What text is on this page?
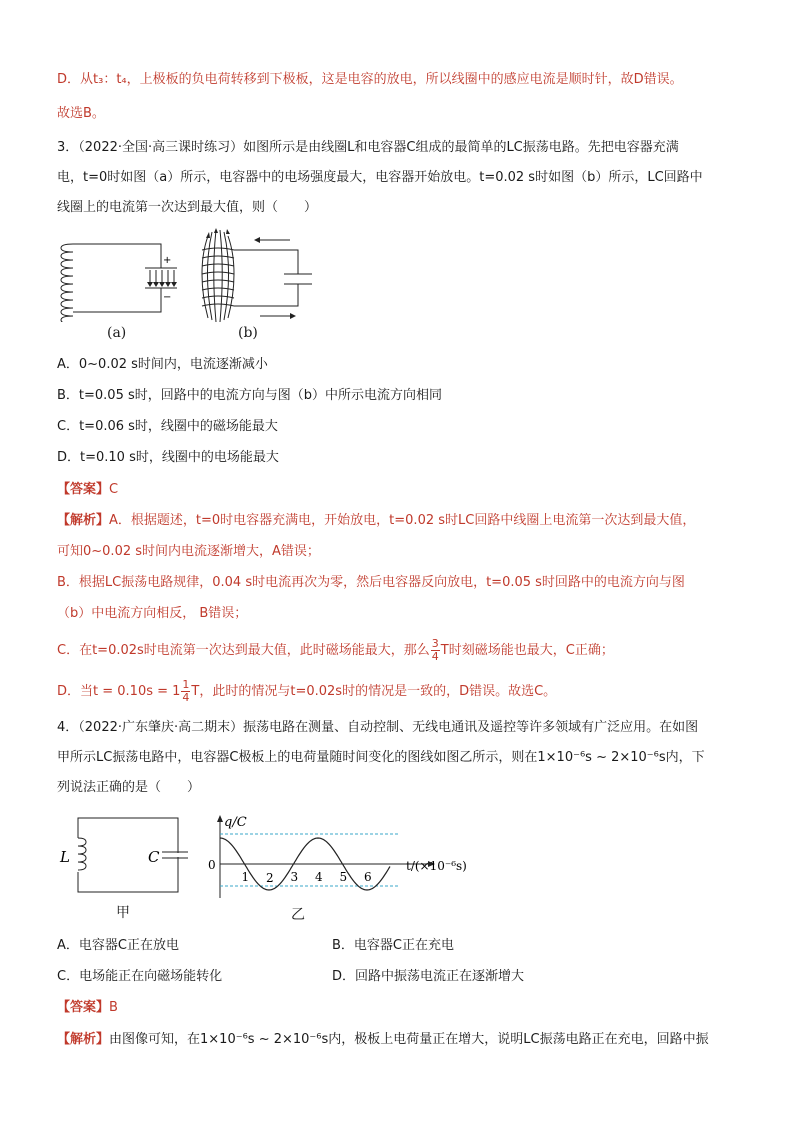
D．从t₃：t₄，上极板的负电荷转移到下极板，这是电容的放电，所以线圈中的感应电流是顺时针，故D错误。
故选B。
3．（2022·全国·高三课时练习）如图所示是由线圈L和电容器C组成的最简单的LC振荡电路。先把电容器充满
电，t=0时如图（a）所示，电容器中的电场强度最大，电容器开始放电。t=0.02 s时如图（b）所示，LC回路中
线圈上的电流第一次达到最大值，则（　　）
+
−
(a)	(b)
A．0~0.02 s时间内，电流逐渐减小
B．t=0.05 s时，回路中的电流方向与图（b）中所示电流方向相同
C．t=0.06 s时，线圈中的磁场能最大
D．t=0.10 s时，线圈中的电场能最大
【答案】C
【解析】A．根据题述，t=0时电容器充满电，开始放电，t=0.02 s时LC回路中线圈上电流第一次达到最大值，
可知0~0.02 s时间内电流逐渐增大，A错误；
B．根据LC振荡电路规律，0.04 s时电流再次为零，然后电容器反向放电，t=0.05 s时回路中的电流方向与图
（b）中电流方向相反， B错误；
C．在t=0.02s时电流第一次达到最大值，此时磁场能最大，那么 $\frac{3}{4}$ T时刻磁场能也最大，C正确；
D．当$t = 0.10s = 1 \frac{1}{4}$ T，此时的情况与t=0.02s时的情况是一致的，D错误。故选C。
4．（2022·广东肇庆·高二期末）振荡电路在测量、自动控制、无线电通讯及遥控等许多领域有广泛应用。在如图
甲所示LC振荡电路中，电容器C极板上的电荷量随时间变化的图线如图乙所示，则在1×10⁻⁶s ~ 2×10⁻⁶s内，下
列说法正确的是（　　）
L	C
甲
q/C
0
1 2 3 4 5 6
t/(×10⁻⁶s)
乙
A．电容器C正在放电	B．电容器C正在充电
C．电场能正在向磁场能转化	D．回路中振荡电流正在逐渐增大
【答案】B
【解析】由图像可知，在1×10⁻⁶s ~ 2×10⁻⁶s内，极板上电荷量正在增大，说明LC振荡电路正在充电，回路中振
